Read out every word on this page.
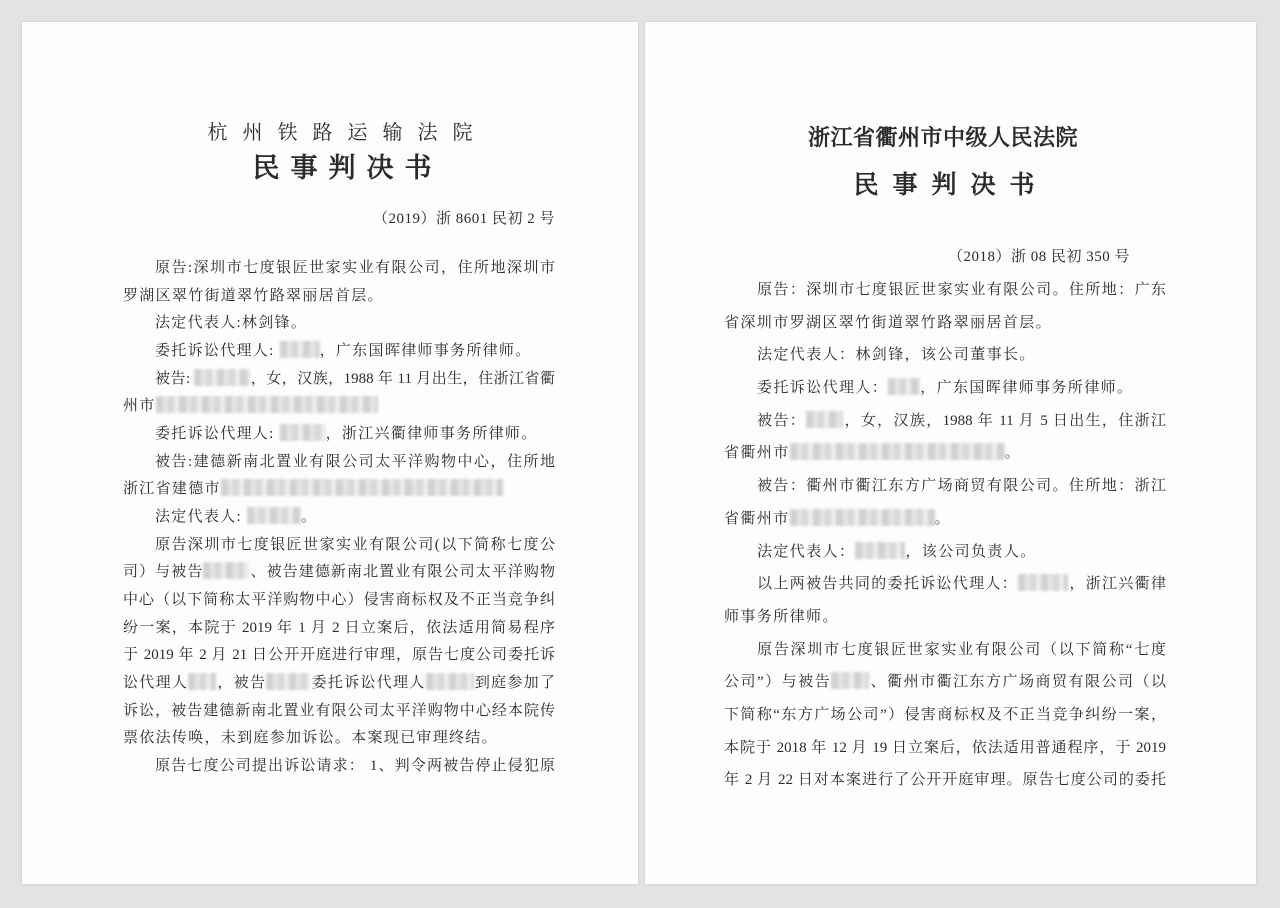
杭州铁路运输法院
民事判决书
（2019）浙 8601 民初 2 号
原告:深圳市七度银匠世家实业有限公司，住所地深圳市
罗湖区翠竹街道翠竹路翠丽居首层。
法定代表人:林剑锋。
委托诉讼代理人:	，广东国晖律师事务所律师。
被告:	，女，汉族，1988 年 11 月出生，住浙江省衢
州市
委托诉讼代理人:	，浙江兴衢律师事务所律师。
被告:建德新南北置业有限公司太平洋购物中心，住所地
浙江省建德市
法定代表人:	。
原告深圳市七度银匠世家实业有限公司(以下简称七度公
司）与被告	、被告建德新南北置业有限公司太平洋购物
中心（以下简称太平洋购物中心）侵害商标权及不正当竞争纠
纷一案，本院于 2019 年 1 月 2 日立案后，依法适用简易程序
于 2019 年 2 月 21 日公开开庭进行审理，原告七度公司委托诉
讼代理人 ，被告	委托诉讼代理人	到庭参加了
诉讼，被告建德新南北置业有限公司太平洋购物中心经本院传
票依法传唤，未到庭参加诉讼。本案现已审理终结。
原告七度公司提出诉讼请求： 1、判令两被告停止侵犯原
浙江省衢州市中级人民法院
民事判决书
（2018）浙 08 民初 350 号
原告：深圳市七度银匠世家实业有限公司。住所地：广东
省深圳市罗湖区翠竹街道翠竹路翠丽居首层。
法定代表人：林剑锋，该公司董事长。
委托诉讼代理人： ，广东国晖律师事务所律师。
被告： ，女，汉族，1988 年 11 月 5 日出生，住浙江
省衢州市	。
被告：衢州市衢江东方广场商贸有限公司。住所地：浙江
省衢州市	。
法定代表人：	，该公司负责人。
以上两被告共同的委托诉讼代理人：	，浙江兴衢律
师事务所律师。
原告深圳市七度银匠世家实业有限公司（以下简称“七度
公司”）与被告	、衢州市衢江东方广场商贸有限公司（以
下简称“东方广场公司”）侵害商标权及不正当竞争纠纷一案，
本院于 2018 年 12 月 19 日立案后，依法适用普通程序，于 2019
年 2 月 22 日对本案进行了公开开庭审理。原告七度公司的委托
